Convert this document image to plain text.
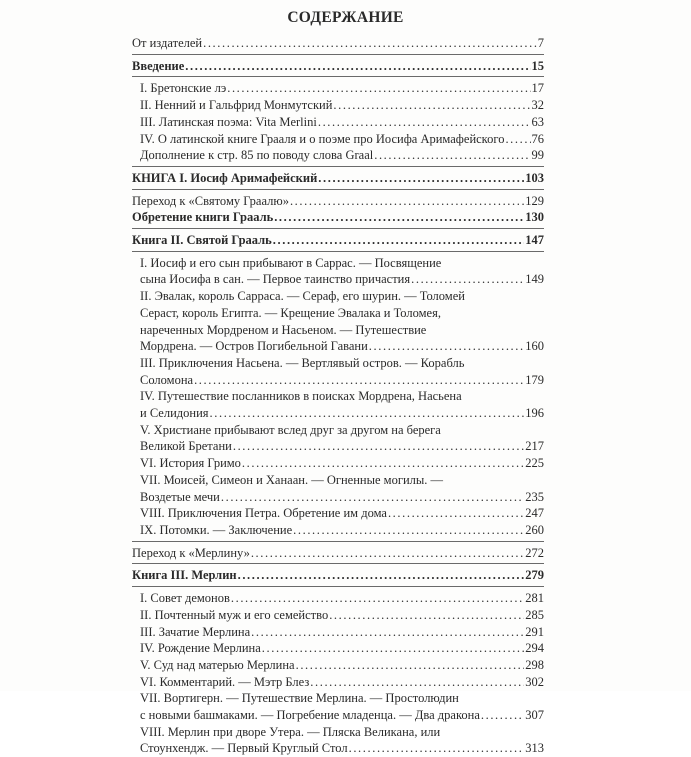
СОДЕРЖАНИЕ
От издателей .....	7
Введение .....	15
I. Бретонские лэ .....	17
II. Ненний и Гальфрид Монмутский .....	32
III. Латинская поэма: Vita Merlini .....	63
IV. О латинской книге Грааля и о поэме про Иосифа Аримафейского ..... 76
Дополнение к стр. 85 по поводу слова Graal .....	99
КНИГА I. Иосиф Аримафейский .....	103
Переход к «Святому Граалю» .....	129
Обретение книги Грааль .....	130
Книга II. Святой Грааль .....	147
I. Иосиф и его сын прибывают в Саррас. — Посвящение
сына Иосифа в сан. — Первое таинство причастия .....	149
II. Эвалак, король Сарраса. — Сераф, его шурин. — Толомей
Сераст, король Египта. — Крещение Эвалака и Толомея,
нареченных Мордреном и Насьеном. — Путешествие
Мордрена. — Остров Погибельной Гавани .....	160
III. Приключения Насьена. — Вертлявый остров. — Корабль
Соломона .....	179
IV. Путешествие посланников в поисках Мордрена, Насьена
и Селидония .....	196
V. Христиане прибывают вслед друг за другом на берега
Великой Бретани .....	217
VI. История Гримо .....	225
VII. Моисей, Симеон и Ханаан. — Огненные могилы. —
Воздетые мечи .....	235
VIII. Приключения Петра. Обретение им дома .....	247
IX. Потомки. — Заключение .....	260
Переход к «Мерлину» .....	272
Книга III. Мерлин .....	279
I. Совет демонов .....	281
II. Почтенный муж и его семейство .....	285
III. Зачатие Мерлина .....	291
IV. Рождение Мерлина .....	294
V. Суд над матерью Мерлина .....	298
VI. Комментарий. — Мэтр Блез .....	302
VII. Вортигерн. — Путешествие Мерлина. — Простолюдин
с новыми башмаками. — Погребение младенца. — Два дракона .....	307
VIII. Мерлин при дворе Утера. — Пляска Великана, или
Стоунхендж. — Первый Круглый Стол .....	313
